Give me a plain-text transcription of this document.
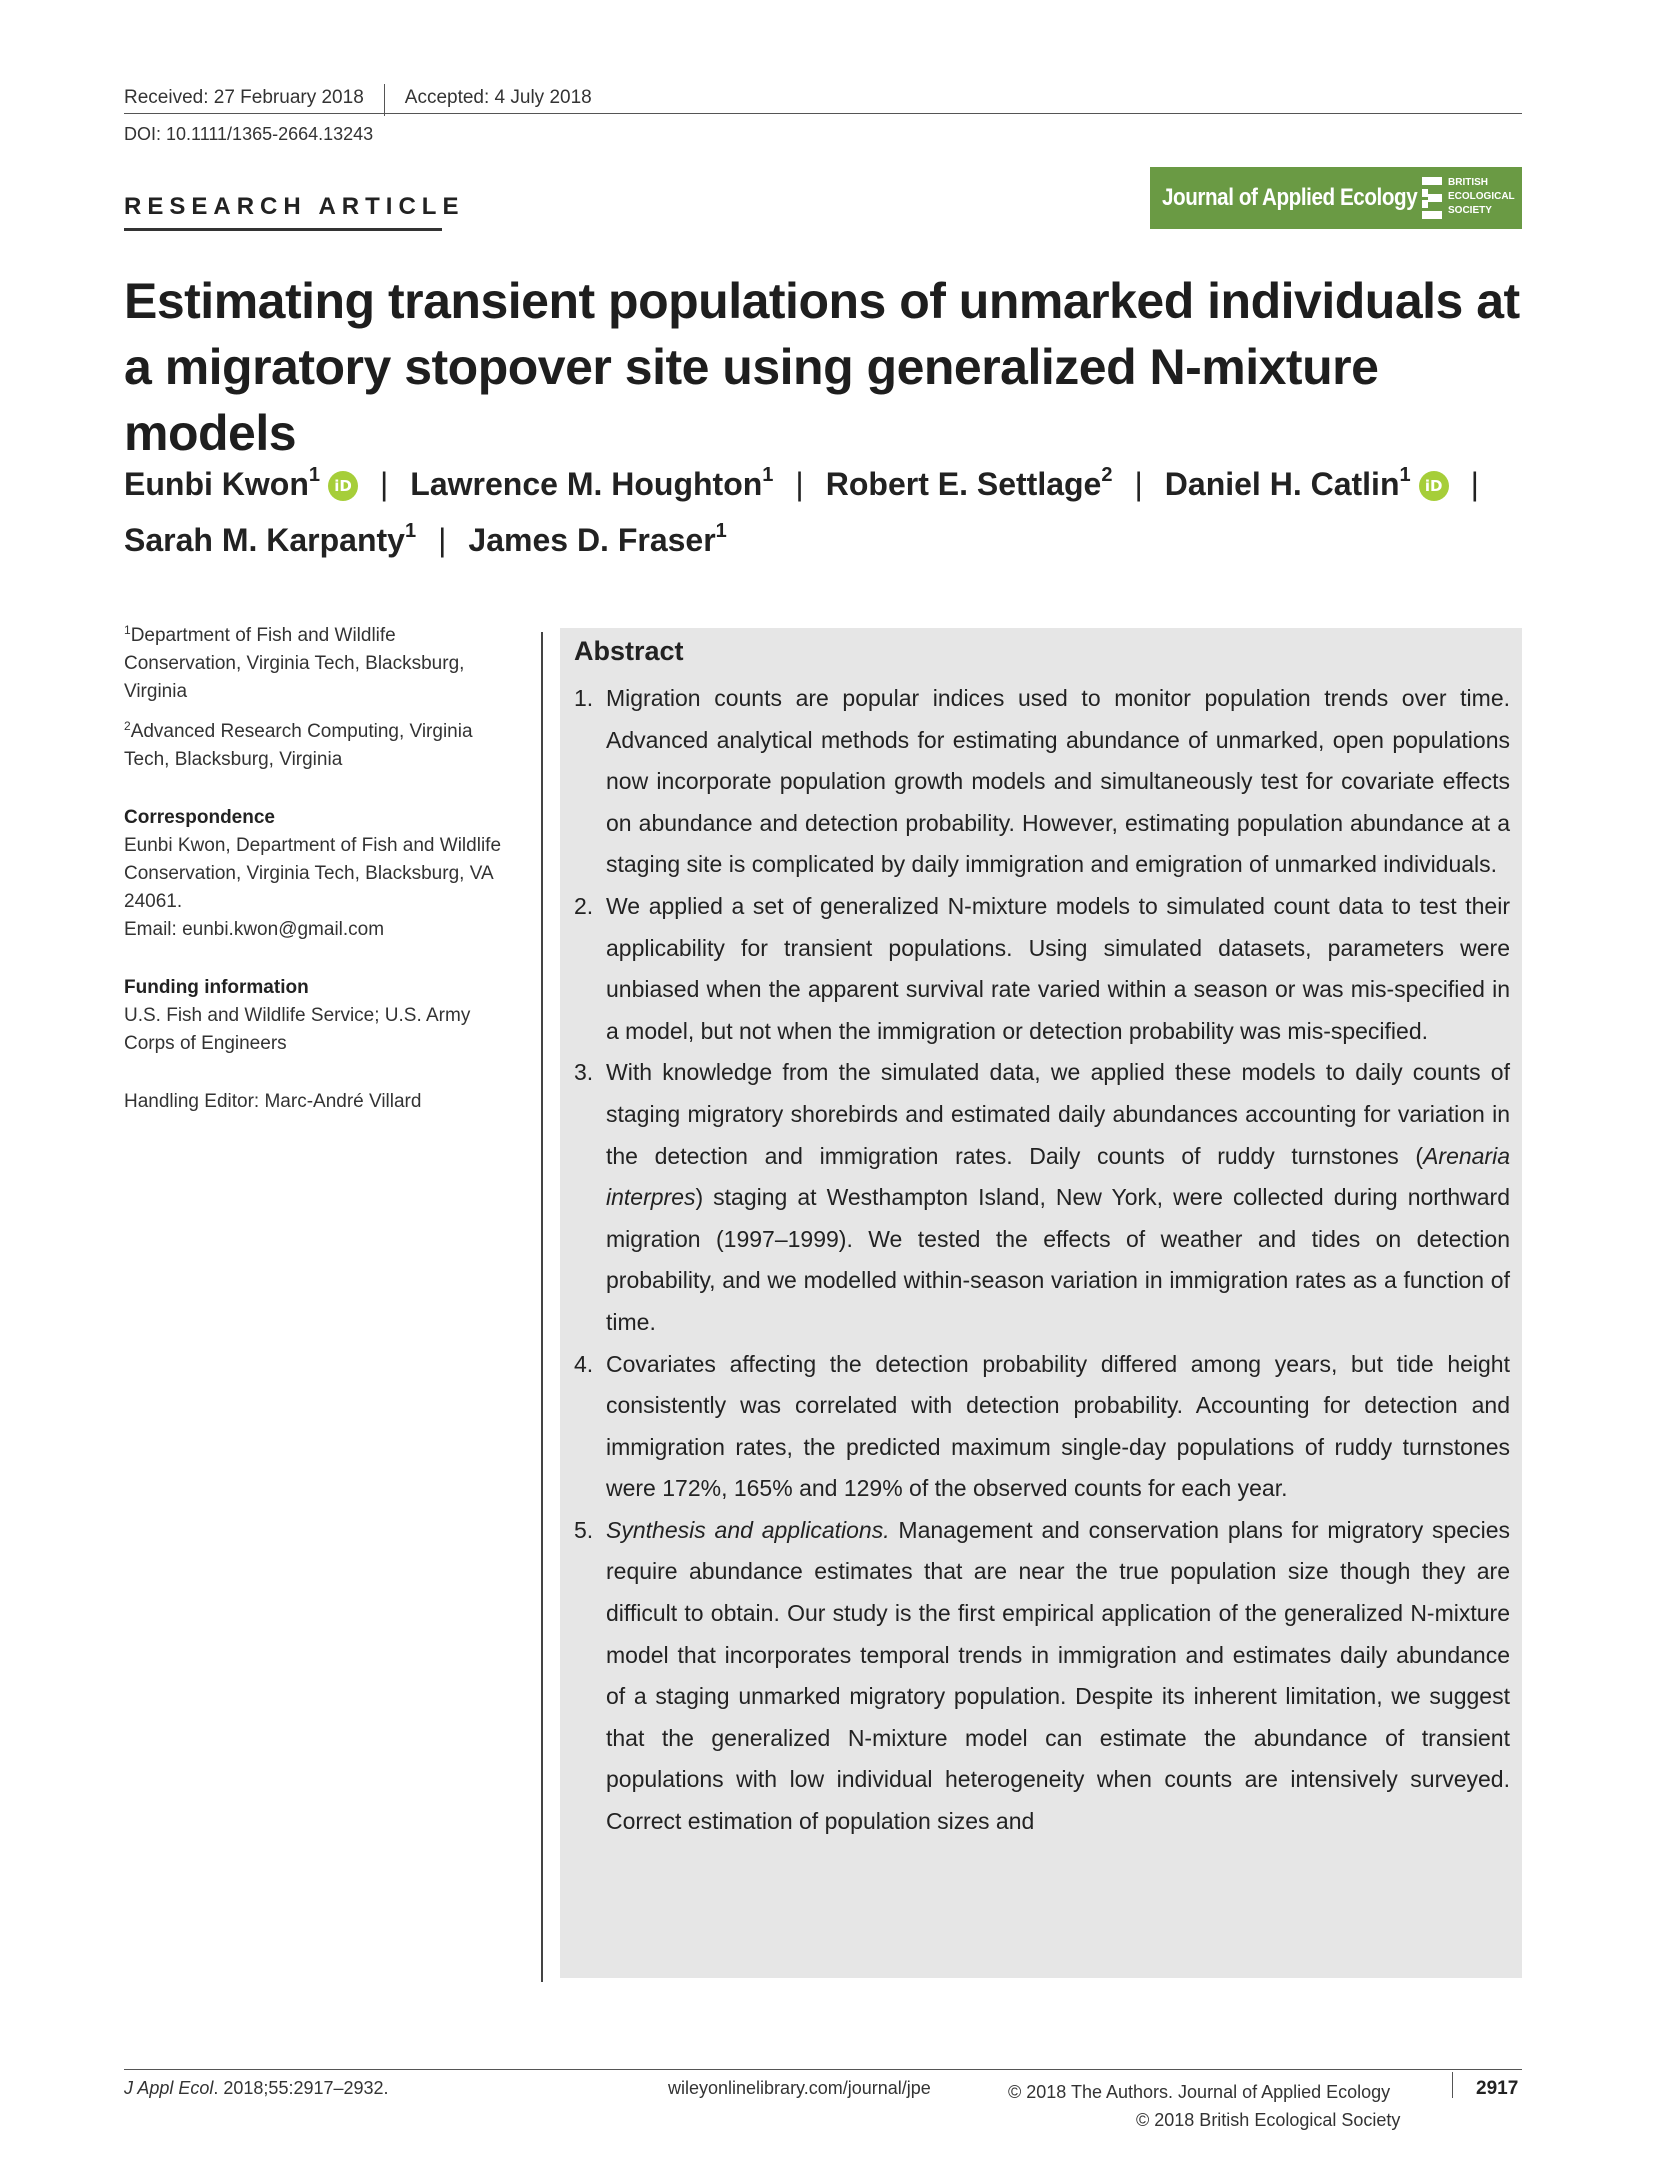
Received: 27 February 2018 Accepted: 4 July 2018
DOI: 10.1111/1365-2664.13243
RESEARCH ARTICLE	Journal of Applied Ecology
BRITISH
ECOLOGICAL
SOCIETY
Estimating transient populations of unmarked individuals at a migratory stopover site using generalized N-mixture models
Eunbi Kwon$^1$ iD | Lawrence M. Houghton$^1$ | Robert E. Settlage$^2$ | Daniel H. Catlin$^1$ iD |
Sarah M. Karpanty$^1$ | James D. Fraser$^1$
$^1$Department of Fish and Wildlife Conservation, Virginia Tech, Blacksburg, Virginia
$^2$Advanced Research Computing, Virginia Tech, Blacksburg, Virginia
Correspondence

Eunbi Kwon, Department of Fish and Wildlife Conservation, Virginia Tech, Blacksburg, VA 24061.

Email: eunbi.kwon@gmail.com

Funding information

U.S. Fish and Wildlife Service; U.S. Army Corps of Engineers

Handling Editor: Marc-André Villard

Abstract
1. Migration counts are popular indices used to monitor population trends over time. Advanced analytical methods for estimating abundance of unmarked, open populations now incorporate population growth models and simultaneously test for covariate effects on abundance and detection probability. However, estimating population abundance at a staging site is complicated by daily immigration and emigration of unmarked individuals.
2. We applied a set of generalized N-mixture models to simulated count data to test their applicability for transient populations. Using simulated datasets, parameters were unbiased when the apparent survival rate varied within a season or was mis-specified in a model, but not when the immigration or detection probability was mis-specified.
3. With knowledge from the simulated data, we applied these models to daily counts of staging migratory shorebirds and estimated daily abundances accounting for variation in the detection and immigration rates. Daily counts of ruddy turnstones (Arenaria interpres) staging at Westhampton Island, New York, were collected during northward migration (1997–1999). We tested the effects of weather and tides on detection probability, and we modelled within-season variation in immigration rates as a function of time.
4. Covariates affecting the detection probability differed among years, but tide height consistently was correlated with detection probability. Accounting for detection and immigration rates, the predicted maximum single-day populations of ruddy turnstones were 172%, 165% and 129% of the observed counts for each year.
5. Synthesis and applications. Management and conservation plans for migratory species require abundance estimates that are near the true population size though they are difficult to obtain. Our study is the first empirical application of the generalized N-mixture model that incorporates temporal trends in immigration and estimates daily abundance of a staging unmarked migratory population. Despite its inherent limitation, we suggest that the generalized N-mixture model can estimate the abundance of transient populations with low individual heterogeneity when counts are intensively surveyed. Correct estimation of population sizes and
J Appl Ecol. 2018;55:2917–2932.	wileyonlinelibrary.com/journal/jpe	© 2018 The Authors. Journal of Applied Ecology
© 2018 British Ecological Society
2917
